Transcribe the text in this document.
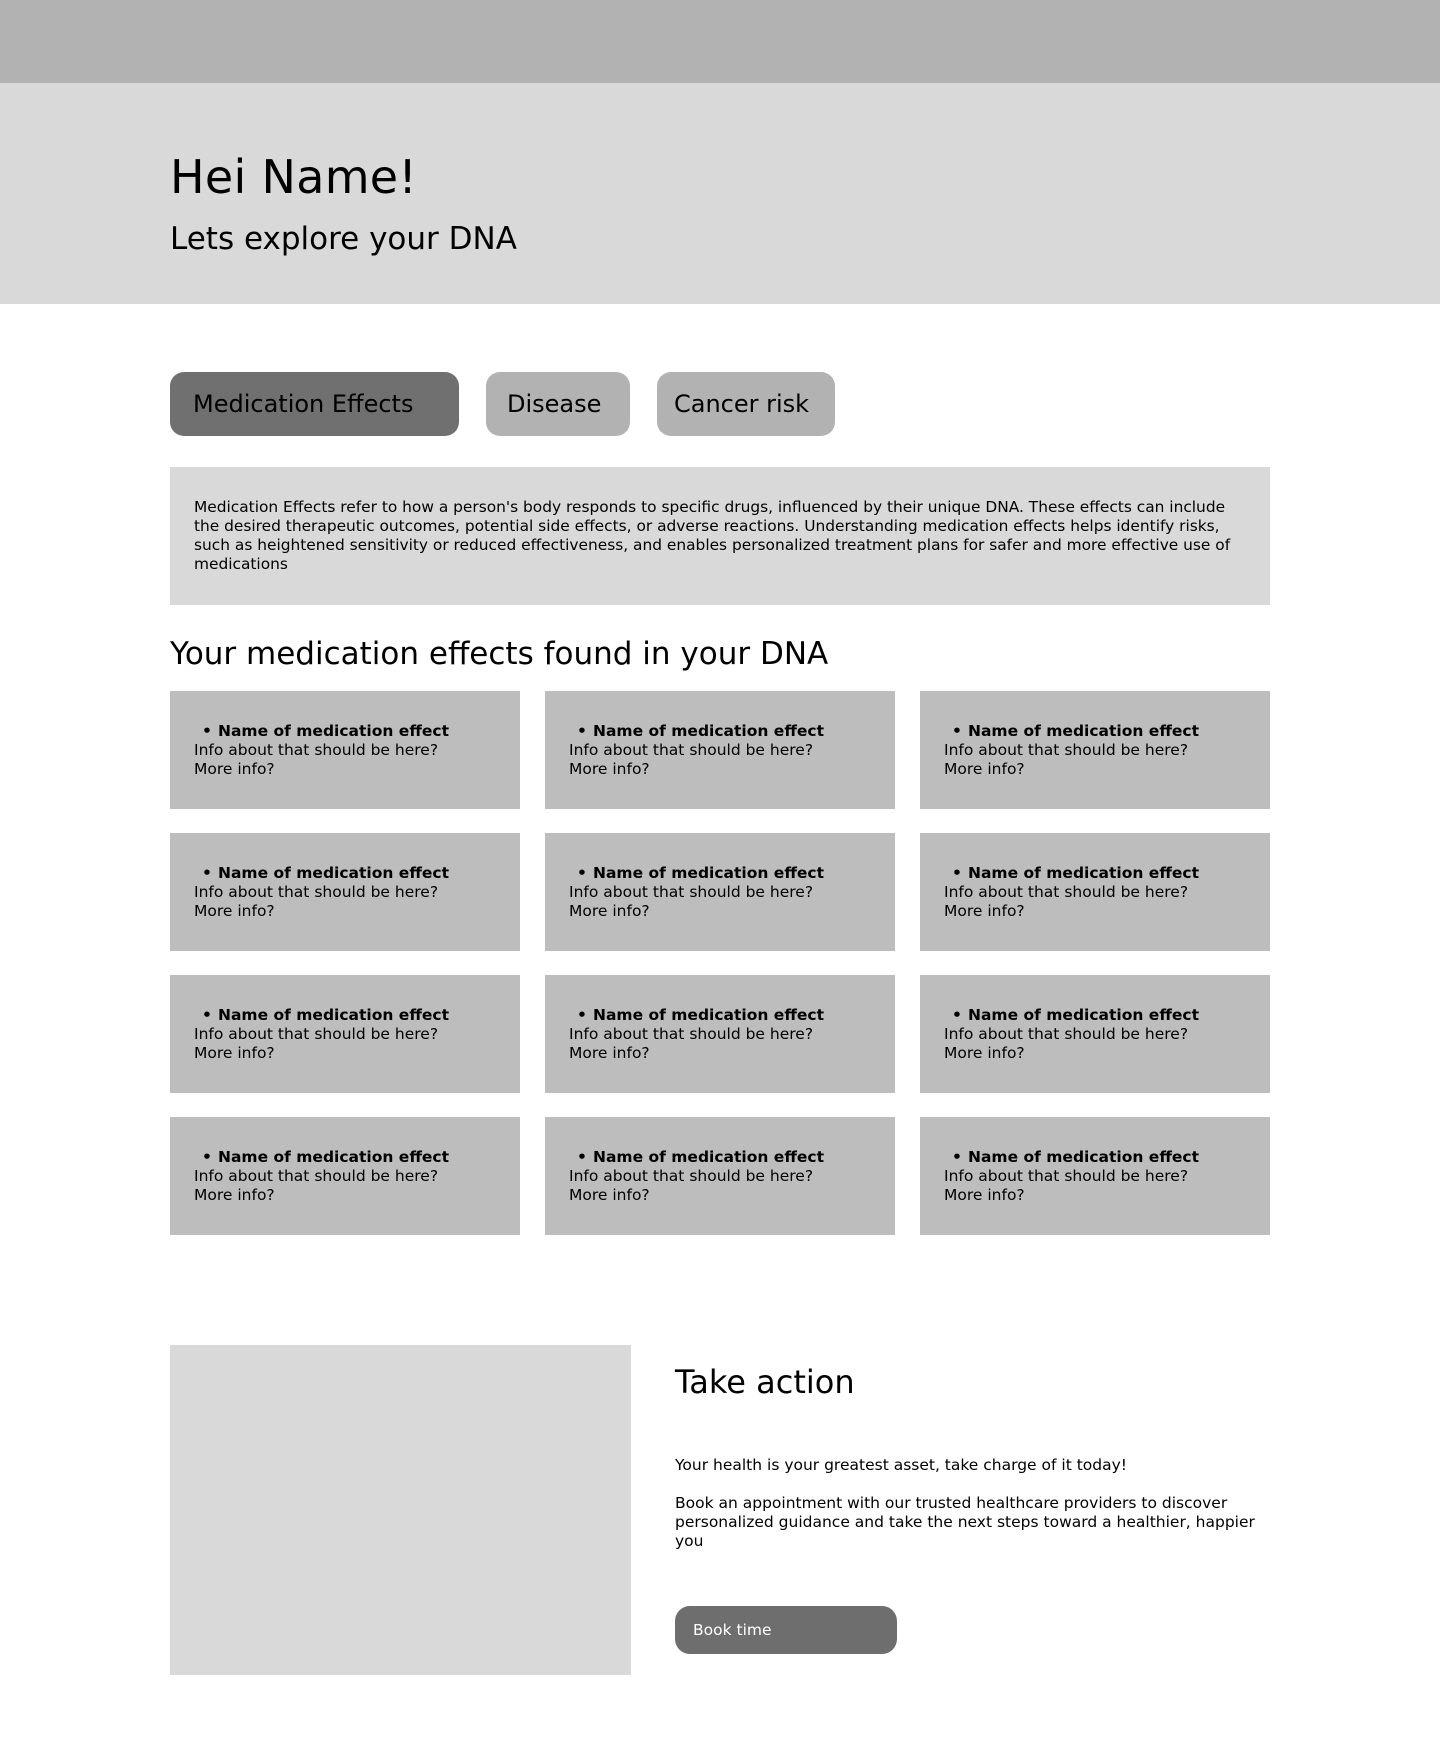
Hei Name!
Lets explore your DNA
Medication Effects	Disease	Cancer risk
Medication Effects refer to how a person's body responds to specific drugs, influenced by their unique DNA. These effects can include the desired therapeutic outcomes, potential side effects, or adverse reactions. Understanding medication effects helps identify risks, such as heightened sensitivity or reduced effectiveness, and enables personalized treatment plans for safer and more effective use of medications
Your medication effects found in your DNA
• Name of medication effect
Info about that should be here?
More info?
• Name of medication effect
Info about that should be here?
More info?
• Name of medication effect
Info about that should be here?
More info?
• Name of medication effect
Info about that should be here?
More info?
• Name of medication effect
Info about that should be here?
More info?
• Name of medication effect
Info about that should be here?
More info?
• Name of medication effect
Info about that should be here?
More info?
• Name of medication effect
Info about that should be here?
More info?
• Name of medication effect
Info about that should be here?
More info?
• Name of medication effect
Info about that should be here?
More info?
• Name of medication effect
Info about that should be here?
More info?
• Name of medication effect
Info about that should be here?
More info?
Take action

Your health is your greatest asset, take charge of it today!

Book an appointment with our trusted healthcare providers to discover personalized guidance and take the next steps toward a healthier, happier you

Book time
